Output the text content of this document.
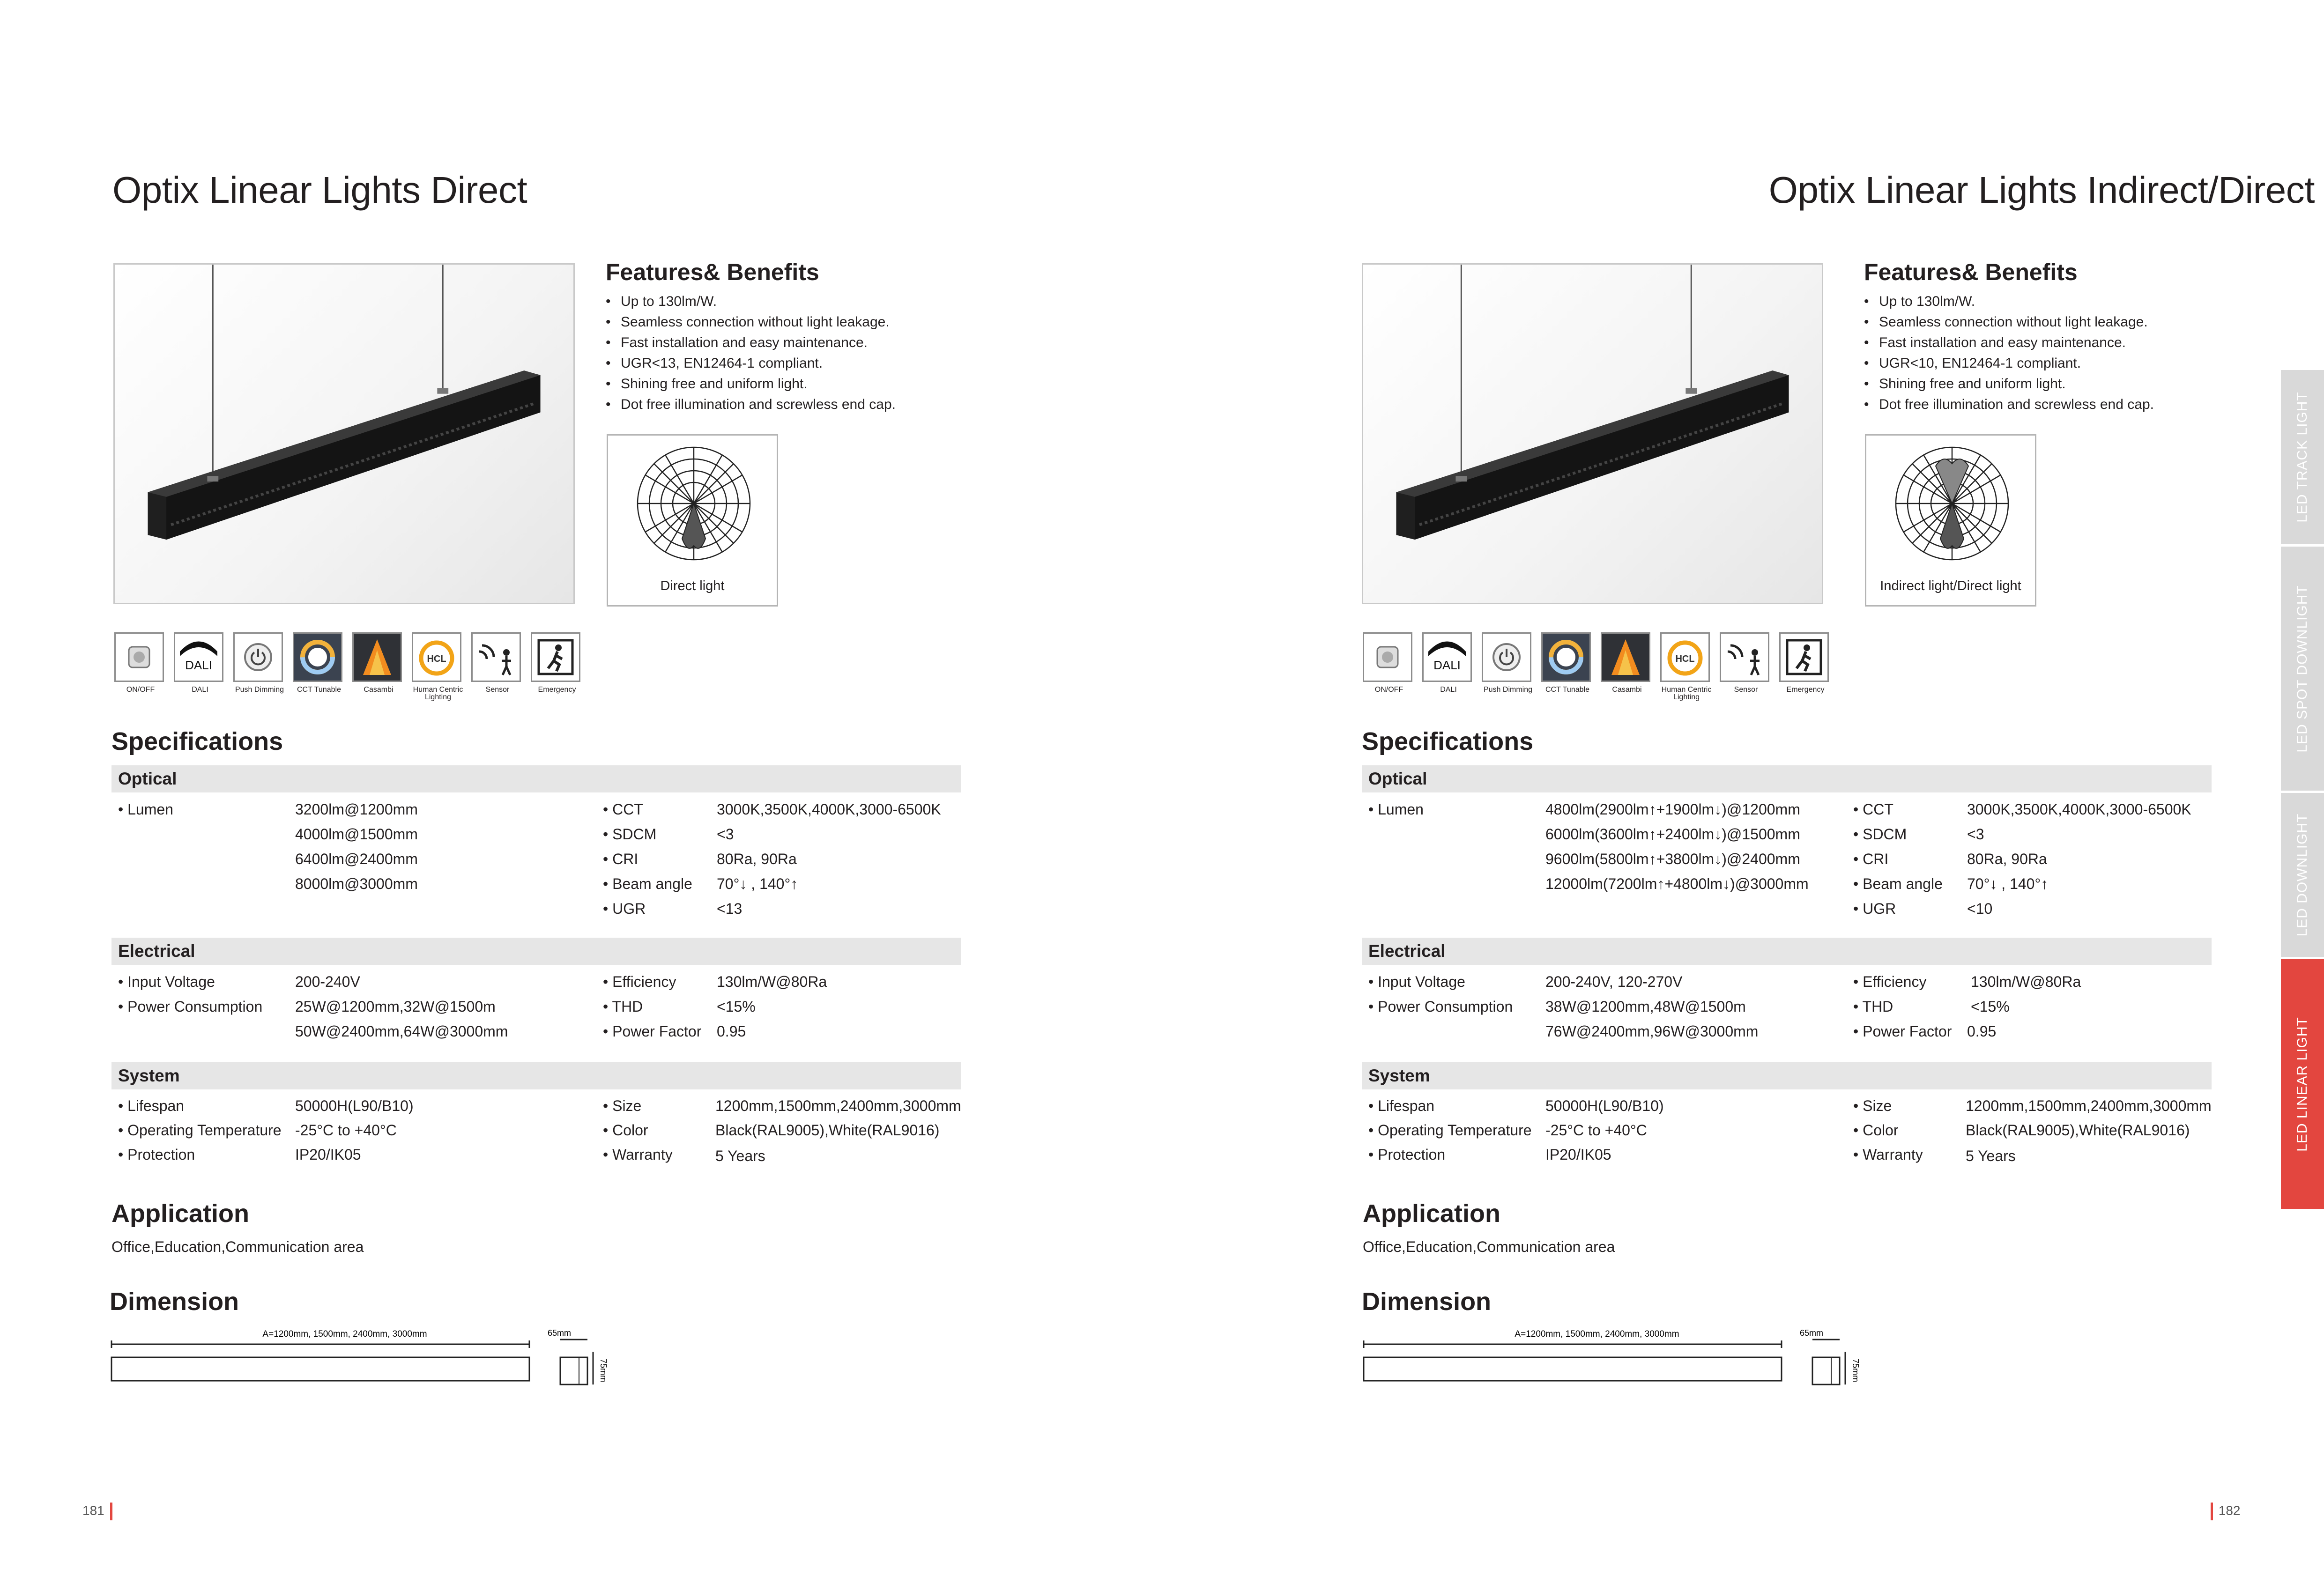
Optix Linear Lights Direct
Features& Benefits
• Up to 130lm/W.
• Seamless connection without light leakage.
• Fast installation and easy maintenance.
• UGR<13, EN12464-1 compliant.
• Shining free and uniform light.
• Dot free illumination and screwless end cap.
Direct light
ON/OFF
DALI
DALI	Push Dimming	CCT Tunable	Casambi
HCL
Human Centric Lighting
Sensor	Emergency
Specifications
Optical
• Lumen	3200lm@1200mm
4000lm@1500mm
6400lm@2400mm
8000lm@3000mm
• CCT	3000K,3500K,4000K,3000-6500K
• SDCM	<3
• CRI	80Ra, 90Ra
• Beam angle 70°↓ , 140°↑
• UGR	<13
Electrical
• Input Voltage	200-240V
• Power Consumption 25W@1200mm,32W@1500m
50W@2400mm,64W@3000mm
• Efficiency	130lm/W@80Ra
• THD	<15%
• Power Factor 0.95
System
• Lifespan	50000H(L90/B10)
• Operating Temperature -25°C to +40°C
• Protection	IP20/IK05
• Size	1200mm,1500mm,2400mm,3000mm
• Color	Black(RAL9005),White(RAL9016)
• Warranty	5 Years
Application
Office,Education,Communication area
Dimension
A=1200mm, 1500mm, 2400mm, 3000mm	65mm
75mm
181
Optix Linear Lights Indirect/Direct
Features& Benefits
• Up to 130lm/W.
• Seamless connection without light leakage.
• Fast installation and easy maintenance.
• UGR<10, EN12464-1 compliant.
• Shining free and uniform light.
• Dot free illumination and screwless end cap.
Indirect light/Direct light
ON/OFF
DALI
DALI	Push Dimming	CCT Tunable	Casambi
HCL
Human Centric Lighting
Sensor	Emergency
Specifications
Optical
• Lumen	4800lm(2900lm↑+1900lm↓)@1200mm
6000lm(3600lm↑+2400lm↓)@1500mm
9600lm(5800lm↑+3800lm↓)@2400mm
12000lm(7200lm↑+4800lm↓)@3000mm
• CCT	3000K,3500K,4000K,3000-6500K
• SDCM	<3
• CRI	80Ra, 90Ra
• Beam angle 70°↓ , 140°↑
• UGR	<10
Electrical
• Input Voltage	200-240V, 120-270V
• Power Consumption 38W@1200mm,48W@1500m
76W@2400mm,96W@3000mm
• Efficiency	130lm/W@80Ra
• THD	<15%
• Power Factor 0.95
System
• Lifespan	50000H(L90/B10)
• Operating Temperature -25°C to +40°C
• Protection	IP20/IK05
• Size	1200mm,1500mm,2400mm,3000mm
• Color	Black(RAL9005),White(RAL9016)
• Warranty	5 Years
Application
Office,Education,Communication area
Dimension
A=1200mm, 1500mm, 2400mm, 3000mm	65mm
75mm
182
LED TRACK LIGHT
LED SPOT DOWNLIGHT
LED DOWNLIGHT
LED LINEAR LIGHT
